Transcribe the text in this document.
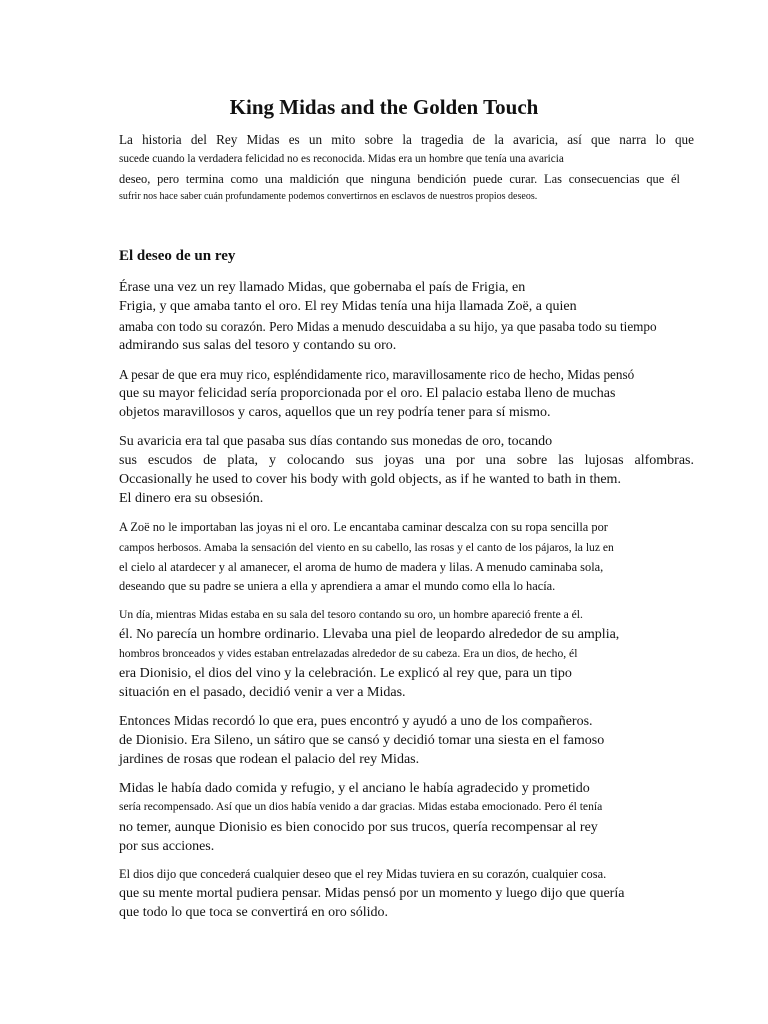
King Midas and the Golden Touch
La historia del Rey Midas es un mito sobre la tragedia de la avaricia, así que narra lo que
sucede cuando la verdadera felicidad no es reconocida. Midas era un hombre que tenía una avaricia
deseo, pero termina como una maldición que ninguna bendición puede curar. Las consecuencias que él
sufrir nos hace saber cuán profundamente podemos convertirnos en esclavos de nuestros propios deseos.
El deseo de un rey
Érase una vez un rey llamado Midas, que gobernaba el país de Frigia, en
Frigia, y que amaba tanto el oro. El rey Midas tenía una hija llamada Zoë, a quien
amaba con todo su corazón. Pero Midas a menudo descuidaba a su hijo, ya que pasaba todo su tiempo
admirando sus salas del tesoro y contando su oro.
A pesar de que era muy rico, espléndidamente rico, maravillosamente rico de hecho, Midas pensó
que su mayor felicidad sería proporcionada por el oro. El palacio estaba lleno de muchas
objetos maravillosos y caros, aquellos que un rey podría tener para sí mismo.
Su avaricia era tal que pasaba sus días contando sus monedas de oro, tocando
sus escudos de plata, y colocando sus joyas una por una sobre las lujosas alfombras.
Occasionally he used to cover his body with gold objects, as if he wanted to bath in them.
El dinero era su obsesión.
A Zoë no le importaban las joyas ni el oro. Le encantaba caminar descalza con su ropa sencilla por
campos herbosos. Amaba la sensación del viento en su cabello, las rosas y el canto de los pájaros, la luz en
el cielo al atardecer y al amanecer, el aroma de humo de madera y lilas. A menudo caminaba sola,
deseando que su padre se uniera a ella y aprendiera a amar el mundo como ella lo hacía.
Un día, mientras Midas estaba en su sala del tesoro contando su oro, un hombre apareció frente a él.
él. No parecía un hombre ordinario. Llevaba una piel de leopardo alrededor de su amplia,
hombros bronceados y vides estaban entrelazadas alrededor de su cabeza. Era un dios, de hecho, él
era Dionisio, el dios del vino y la celebración. Le explicó al rey que, para un tipo
situación en el pasado, decidió venir a ver a Midas.
Entonces Midas recordó lo que era, pues encontró y ayudó a uno de los compañeros.
de Dionisio. Era Sileno, un sátiro que se cansó y decidió tomar una siesta en el famoso
jardines de rosas que rodean el palacio del rey Midas.
Midas le había dado comida y refugio, y el anciano le había agradecido y prometido
sería recompensado. Así que un dios había venido a dar gracias. Midas estaba emocionado. Pero él tenía
no temer, aunque Dionisio es bien conocido por sus trucos, quería recompensar al rey
por sus acciones.
El dios dijo que concederá cualquier deseo que el rey Midas tuviera en su corazón, cualquier cosa.
que su mente mortal pudiera pensar. Midas pensó por un momento y luego dijo que quería
que todo lo que toca se convertirá en oro sólido.
